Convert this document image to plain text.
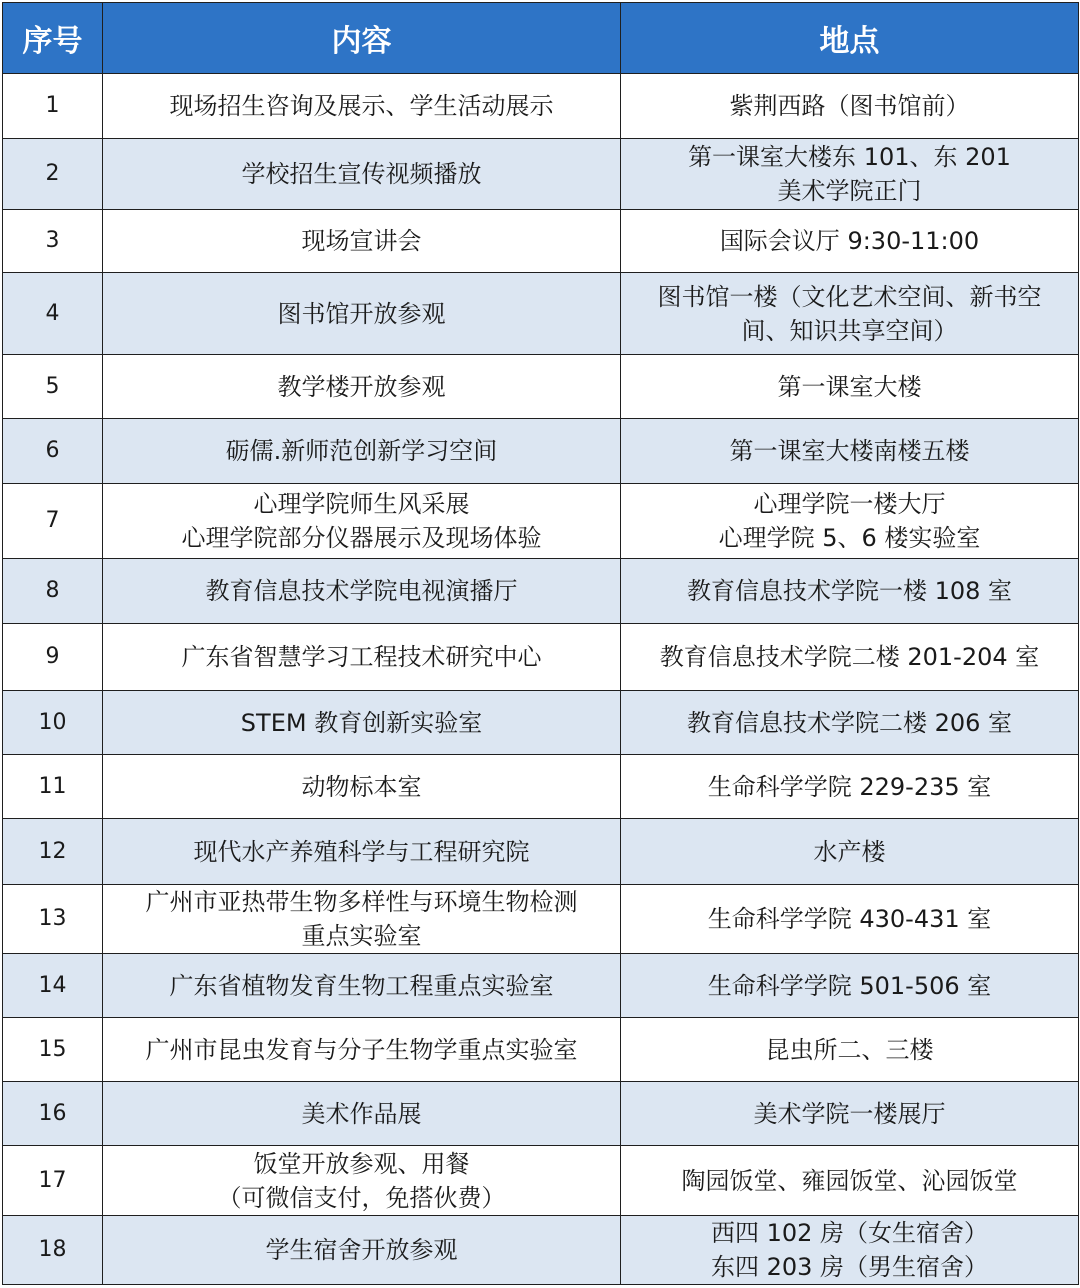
序号	内容	地点
1	现场招生咨询及展示、学生活动展示	紫荆西路（图书馆前）
2	学校招生宣传视频播放	第一课室大楼东 101、东 201
美术学院正门
3	现场宣讲会	国际会议厅 9:30-11:00
4	图书馆开放参观	图书馆一楼（文化艺术空间、新书空
间、知识共享空间）
5	教学楼开放参观	第一课室大楼
6	砺儒.新师范创新学习空间	第一课室大楼南楼五楼
7	心理学院师生风采展
心理学院部分仪器展示及现场体验	心理学院一楼大厅
心理学院 5、6 楼实验室
8	教育信息技术学院电视演播厅	教育信息技术学院一楼 108 室
9	广东省智慧学习工程技术研究中心	教育信息技术学院二楼 201-204 室
10	STEM 教育创新实验室	教育信息技术学院二楼 206 室
11	动物标本室	生命科学学院 229-235 室
12	现代水产养殖科学与工程研究院	水产楼
13	广州市亚热带生物多样性与环境生物检测
重点实验室	生命科学学院 430-431 室
14	广东省植物发育生物工程重点实验室	生命科学学院 501-506 室
15	广州市昆虫发育与分子生物学重点实验室	昆虫所二、三楼
16	美术作品展	美术学院一楼展厅
17	饭堂开放参观、用餐
（可微信支付，免搭伙费）	陶园饭堂、雍园饭堂、沁园饭堂
18	学生宿舍开放参观	西四 102 房（女生宿舍）
东四 203 房（男生宿舍）
